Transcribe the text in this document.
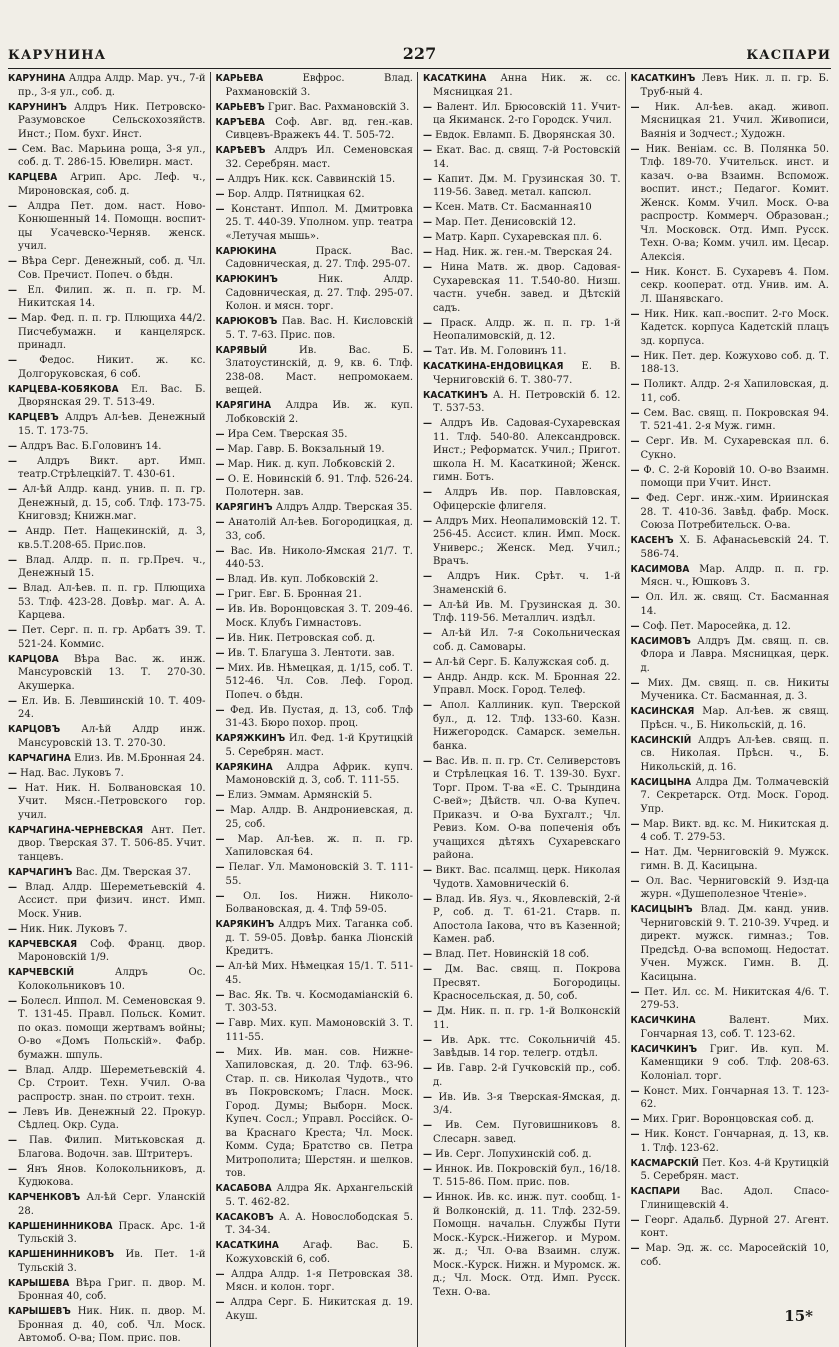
КАРУНИНА	227	КАСПАРИ
КАРУНИНА Алдра Алдр. Мар. уч., 7-й пр., 3-я ул., соб. д.
КАРУНИНЪ Алдръ Ник. Петровско-Разумовское Сельскохозяйств. Инст.; Пом. бухг. Инст.
— Сем. Вас. Марьина роща, 3-я ул., соб. д. Т. 286-15. Ювелирн. маст.
КАРЦЕВА Агрип. Арс. Леф. ч., Мироновская, соб. д.
— Алдра Пет. дом. наст. Ново-Конюшенный 14. Помощн. воспит-цы Усачевско-Черняв. женск. учил.
— Вѣра Серг. Денежный, соб. д. Чл. Сов. Пречист. Попеч. о бѣдн.
— Ел. Филип. ж. п. п. гр. М. Никитская 14.
— Мар. Фед. п. п. гр. Плющиха 44/2. Писчебумажн. и канцелярск. принадл.
— Федос. Никит. ж. кс. Долгоруковская, 6 соб.
КАРЦЕВА-КОБЯКОВА Ел. Вас. Б. Дворянская 29. Т. 513-49.
КАРЦЕВЪ Алдръ Ал-ѣев. Денежный 15. Т. 173-75.
— Алдръ Вас. Б.Головинъ 14.
— Алдръ Викт. арт. Имп. театр.Стрѣлецкiй7. Т. 430-61.
— Ал-ѣй Алдр. канд. унив. п. п. гр. Денежный, д. 15, соб. Тлф. 173-75. Книговзд; Книжн.маг.
— Андр. Пет. Нащекинскій, д. 3, кв.5.Т.208-65. Прис.пов.
— Влад. Алдр. п. п. гр.Преч. ч., Денежный 15.
— Влад. Ал-ѣев. п. п. гр. Плющиха 53. Тлф. 423-28. Довѣр. маг. А. А. Карцева.
— Пет. Серг. п. п. гр. Арбатъ 39. Т. 521-24. Коммис.
КАРЦОВА Вѣра Вас. ж. инж. Мансуровскій 13. Т. 270-30. Акушерка.
— Ел. Ив. Б. Левшинскій 10. Т. 409-24.
КАРЦОВЪ Ал-ѣй Алдр инж. Мансуровскій 13. Т. 270-30.
КАРЧАГИНА Елиз. Ив. М.Бронная 24.
— Над. Вас. Луковъ 7.
— Нат. Ник. Н. Болвановская 10. Учит. Мясн.-Петровского гор. учил.
КАРЧАГИНА-ЧЕРНЕВСКАЯ Ант. Пет. двор. Тверская 37. Т. 506-85. Учит. танцевъ.
КАРЧАГИНЪ Вас. Дм. Тверская 37.
— Влад. Алдр. Шереметьевскій 4. Ассист. при физич. инст. Имп. Моск. Унив.
— Ник. Ник. Луковъ 7.
КАРЧЕВСКАЯ Соф. Франц. двор. Мароновскій 1/9.
КАРЧЕВСКІЙ Алдръ Ос. Колокольниковъ 10.
— Болесл. Иппол. М. Семеновская 9. Т. 131-45. Правл. Польск. Комит. по оказ. помощи жертвамъ войны; О-во «Домъ Польскій». Фабр. бумажн. шпуль.
— Влад. Алдр. Шереметьевскій 4. Ср. Строит. Техн. Учил. О-ва распростр. знан. по строит. техн.
— Левъ Ив. Денежный 22. Прокур. Сѣдлец. Окр. Суда.
— Пав. Филип. Митьковская д. Благова. Водочн. зав. Штритеръ.
— Янъ Янов. Колокольниковъ, д. Кудюкова.
КАРЧЕНКОВЪ Ал-ѣй Серг. Уланскій 28.
КАРШЕНИННИКОВА Праск. Арс. 1-й Тульскій 3.
КАРШЕНИННИКОВЪ Ив. Пет. 1-й Тульскій 3.
КАРЫШЕВА Вѣра Григ. п. двор. М. Бронная 40, соб.
КАРЫШЕВЪ Ник. Ник. п. двор. М. Бронная д. 40, соб. Чл. Моск. Автомоб. О-ва; Пом. прис. пов.
КАРЬЕВА Евфрос. Влад. Рахмановскій 3.
КАРЬЕВЪ Григ. Вас. Рахмановскій 3.
КАРЪЕВА Соф. Авг. вд. ген.-кав. Сивцевъ-Вражекъ 44. Т. 505-72.
КАРѢЕВЪ Алдръ Ил. Семеновская 32. Серебрян. маст.
— Алдръ Ник. кск. Саввинскій 15.
— Бор. Алдр. Пятницкая 62.
— Констант. Иппол. М. Дмитровка 25. Т. 440-39. Уполном. упр. театра «Летучая мышь».
КАРЮКИНА Праск. Вас. Садовническая, д. 27. Тлф. 295-07.
КАРЮКИНЪ Ник. Алдр. Садовническая, д. 27. Тлф. 295-07. Колон. и мясн. торг.
КАРЮКОВЪ Пав. Вас. Н. Кисловскій 5. Т. 7-63. Прис. пов.
КАРЯВЫЙ Ив. Вас. Б. Златоустинскій, д. 9, кв. 6. Тлф. 238-08. Маст. непромокаем. вещей.
КАРЯГИНА Алдра Ив. ж. куп. Лобковскій 2.
— Ира Сем. Тверская 35.
— Мар. Гавр. Б. Вокзальный 19.
— Мар. Ник. д. куп. Лобковскій 2.
— О. Е. Новинскій б. 91. Тлф. 526-24. Полотерн. зав.
КАРЯГИНЪ Алдръ Алдр. Тверская 35.
— Анатолiй Ал-ѣев. Богородицкая, д. 33, соб.
— Вас. Ив. Николо-Ямская 21/7. Т. 440-53.
— Влад. Ив. куп. Лобковскій 2.
— Григ. Евг. Б. Бронная 21.
— Ив. Ив. Воронцовская 3. Т. 209-46. Моск. Клубъ Гимнастовъ.
— Ив. Ник. Петровская соб. д.
— Ив. Т. Благуша 3. Лентоти. зав.
— Мих. Ив. Нѣмецкая, д. 1/15, соб. Т. 512-46. Чл. Сов. Леф. Город. Попеч. о бѣдн.
— Фед. Ив. Пустая, д. 13, соб. Тлф 31-43. Бюро похор. проц.
КАРЯЖКИНЪ Ил. Фед. 1-й Крутицкій 5. Серебрян. маст.
КАРЯКИНА Алдра Африк. купч. Мамоновскій д. 3, соб. Т. 111-55.
— Елиз. Эммам. Армянскій 5.
— Мар. Алдр. В. Андрониевская, д. 25, соб.
— Мар. Ал-ѣев. ж. п. п. гр. Хапиловская 64.
— Пелаг. Ул. Мамоновскій 3. Т. 111-55.
— Ол. Ios. Нижн. Николо-Болвановская, д. 4. Тлф 59-05.
КАРЯКИНЪ Алдръ Мих. Таганка соб. д. Т. 59-05. Довѣр. банка Ліонскій Кредитъ.
— Ал-ѣй Мих. Нѣмецкая 15/1. Т. 511-45.
— Вас. Як. Тв. ч. Космодаміанскій 6. Т. 303-53.
— Гавр. Мих. куп. Мамоновскій 3. Т. 111-55.
— Мих. Ив. ман. сов. Нижне-Хапиловская, д. 20. Тлф. 63-96. Стар. п. св. Николая Чудотв., что въ Покровскомъ; Гласн. Моск. Город. Думы; Выборн. Моск. Купеч. Сосл.; Управл. Россійск. О-ва Краснаго Креста; Чл. Моск. Комм. Суда; Братство св. Петра Митрополита; Шерстян. и шелков. тов.
КАСАБОВА Алдра Як. Архангельскій 5. Т. 462-82.
КАСАКОВЪ А. А. Новослободская 5. Т. 34-34.
КАСАТКИНА Агаф. Вас. Б. Кожуховскій 6, соб.
— Алдра Алдр. 1-я Петровская 38. Мясн. и колон. торг.
— Алдра Серг. Б. Никитская д. 19. Акуш.
КАСАТКИНА Анна Ник. ж. сс. Мясницкая 21.
— Валент. Ил. Брюсовскій 11. Учит-ца Якиманск. 2-го Городск. Учил.
— Евдок. Евламп. Б. Дворянская 30.
— Екат. Вас. д. свящ. 7-й Ростовскій 14.
— Капит. Дм. М. Грузинская 30. Т. 119-56. Завед. метал. капсюл.
— Ксен. Матв. Ст. Басманная10
— Мар. Пет. Денисовскій 12.
— Матр. Карп. Сухаревская пл. 6.
— Над. Ник. ж. ген.-м. Тверская 24.
— Нина Матв. ж. двор. Садовая-Сухаревская 11. Т.540-80. Низш. частн. учебн. завед. и Дѣтскій садъ.
— Праск. Алдр. ж. п. п. гр. 1-й Неопалимовскій, д. 12.
— Тат. Ив. М. Головинъ 11.
КАСАТКИНА-ЕНДОВИЦКАЯ Е. В. Черниговскій 6. Т. 380-77.
КАСАТКИНЪ А. Н. Петровскій б. 12. Т. 537-53.
— Алдръ Ив. Садовая-Сухаревская 11. Тлф. 540-80. Александровск. Инст.; Реформатск. Учил.; Пригот. школа Н. М. Касаткиной; Женск. гимн. Ботъ.
— Алдръ Ив. пор. Павловская, Офицерскіе флигеля.
— Алдръ Мих. Неопалимовскій 12. Т. 256-45. Ассист. клин. Имп. Моск. Универс.; Женск. Мед. Учил.; Врачъ.
— Алдръ Ник. Срѣт. ч. 1-й Знаменскій 6.
— Ал-ѣй Ив. М. Грузинская д. 30. Тлф. 119-56. Металлич. издѣл.
— Ал-ѣй Ил. 7-я Сокольническая соб. д. Самовары.
— Ал-ѣй Серг. Б. Калужская соб. д.
— Андр. Андр. кск. М. Бронная 22. Управл. Моск. Город. Телеф.
— Апол. Каллиник. куп. Тверской бул., д. 12. Тлф. 133-60. Казн. Нижегородск. Самарск. земельн. банка.
— Вас. Ив. п. п. гр. Ст. Селиверстовъ и Стрѣлецкая 16. Т. 139-30. Бухг. Торг. Пром. Т-ва «Е. С. Трындина С-вей»; Дѣйств. чл. О-ва Купеч. Приказч. и О-ва Бухгалт.; Чл. Ревиз. Ком. О-ва попеченія объ учащихся дѣтяхъ Сухаревскаго района.
— Викт. Вас. псалмщ. церк. Николая Чудотв. Хамовническій 6.
— Влад. Ив. Яуз. ч., Яковлевскій, 2-й Р, соб. д. Т. 61-21. Старв. п. Апостола Іакова, что въ Казенной; Камен. раб.
— Влад. Пет. Новинскій 18 соб.
— Дм. Вас. свящ. п. Покрова Пресвят. Богородицы. Красносельская, д. 50, соб.
— Дм. Ник. п. п. гр. 1-й Волконскій 11.
— Ив. Арк. ттс. Сокольничій 45. Завѣдыв. 14 гор. телегр. отдѣл.
— Ив. Гавр. 2-й Гучковскій пр., соб. д.
— Ив. Ив. 3-я Тверская-Ямская, д. 3/4.
— Ив. Сем. Пуговишниковъ 8. Слесарн. завед.
— Ив. Серг. Лопухинскій соб. д.
— Иннок. Ив. Покровскій бул., 16/18. Т. 515-86. Пом. прис. пов.
— Иннок. Ив. кс. инж. пут. сообщ. 1-й Волконскій, д. 11. Тлф. 232-59. Помощн. начальн. Службы Пути Моск.-Курск.-Нижегор. и Муром. ж. д.; Чл. О-ва Взаимн. служ. Моск.-Курск. Нижн. и Муромск. ж. д.; Чл. Моск. Отд. Имп. Русск. Техн. О-ва.
КАСАТКИНЪ Левъ Ник. л. п. гр. Б. Труб-ный 4.
— Ник. Ал-ѣев. акад. живоп. Мясницкая 21. Учил. Живописи, Ваянія и Зодчест.; Художн.
— Ник. Веніам. сс. В. Полянка 50. Тлф. 189-70. Учительск. инст. и казач. о-ва Взаимн. Вспомож. воспит. инст.; Педагог. Комит. Женск. Комм. Учил. Моск. О-ва распростр. Коммерч. Образован.; Чл. Московск. Отд. Имп. Русск. Техн. О-ва; Комм. учил. им. Цесар. Алексія.
— Ник. Конст. Б. Сухаревъ 4. Пом. секр. кооперат. отд. Унив. им. А. Л. Шанявскаго.
— Ник. Ник. кап.-воспит. 2-го Моск. Кадетск. корпуса Кадетскій плацъ зд. корпуса.
— Ник. Пет. дер. Кожухово соб. д. Т. 188-13.
— Поликт. Алдр. 2-я Хапиловская, д. 11, соб.
— Сем. Вас. свящ. п. Покровская 94. Т. 521-41. 2-я Муж. гимн.
— Серг. Ив. М. Сухаревская пл. 6. Сукно.
— Ф. С. 2-й Коровій 10. О-во Взаимн. помощи при Учит. Инст.
— Фед. Серг. инж.-хим. Ириинская 28. Т. 410-36. Завѣд. фабр. Моск. Союза Потребительск. О-ва.
КАСЕНЪ Х. Б. Афанасьевскій 24. Т. 586-74.
КАСИМОВА Мар. Алдр. п. п. гр. Мясн. ч., Юшковъ 3.
— Ол. Ил. ж. свящ. Ст. Басманная 14.
— Соф. Пет. Маросейка, д. 12.
КАСИМОВЪ Алдръ Дм. свящ. п. св. Флора и Лавра. Мясницкая, церк. д.
— Мих. Дм. свящ. п. св. Никиты Мученика. Ст. Басманная, д. 3.
КАСИНСКАЯ Мар. Ал-ѣев. ж свящ. Прѣсн. ч., Б. Никольскій, д. 16.
КАСИНСКІЙ Алдръ Ал-ѣев. свящ. п. св. Николая. Прѣсн. ч., Б. Никольскій, д. 16.
КАСИЦЫНА Алдра Дм. Толмачевскій 7. Секретарск. Отд. Моск. Город. Упр.
— Мар. Викт. вд. кс. М. Никитская д. 4 соб. Т. 279-53.
— Нат. Дм. Черниговскій 9. Мужск. гимн. В. Д. Касицына.
— Ол. Вас. Черниговскій 9. Изд-ца журн. «Душеполезное Чтеніе».
КАСИЦЫНЪ Влад. Дм. канд. унив. Черниговскій 9. Т. 210-39. Учред. и директ. мужск. гимназ.; Тов. Предсѣд. О-ва вспомощ. Недостат. Учен. Мужск. Гимн. В. Д. Касицына.
— Пет. Ил. сс. М. Никитская 4/6. Т. 279-53.
КАСИЧКИНА Валент. Мих. Гончарная 13, соб. Т. 123-62.
КАСИЧКИНЪ Григ. Ив. куп. М. Каменщики 9 соб. Тлф. 208-63. Колоніал. торг.
— Конст. Мих. Гончарная 13. Т. 123-62.
— Мих. Григ. Воронцовская соб. д.
— Ник. Конст. Гончарная, д. 13, кв. 1. Тлф. 123-62.
КАСМАРСКІЙ Пет. Коз. 4-й Крутицкій 5. Серебрян. маст.
КАСПАРИ Вас. Адол. Спасо-Глинищевскій 4.
— Георг. Адальб. Дурной 27. Агент. конт.
— Мар. Эд. ж. сс. Маросейскій 10, соб.
15*
